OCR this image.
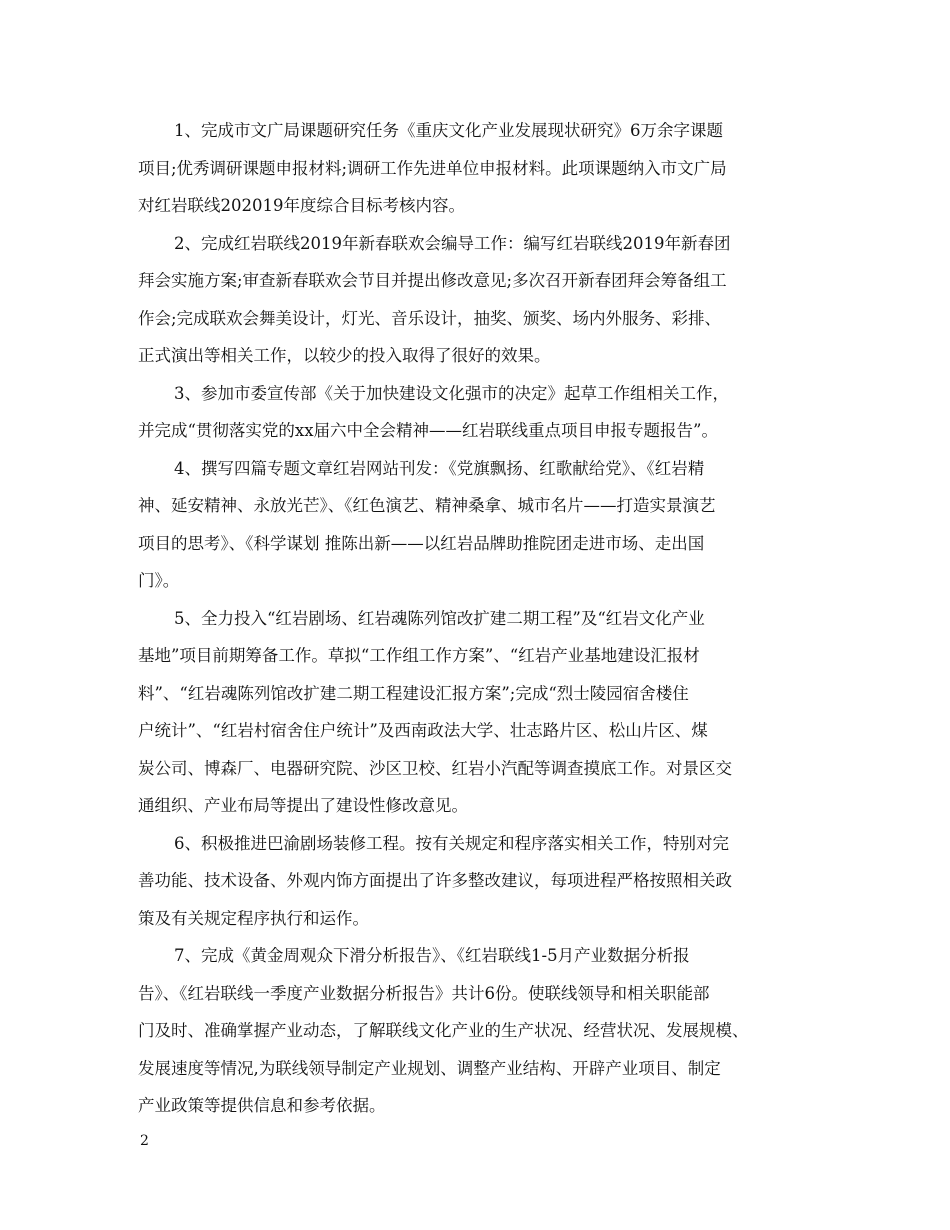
1、完成市文广局课题研究任务《重庆文化产业发展现状研究》6万余字课题
项目;优秀调研课题申报材料;调研工作先进单位申报材料。此项课题纳入市文广局
对红岩联线202019年度综合目标考核内容。

2、完成红岩联线2019年新春联欢会编导工作：编写红岩联线2019年新春团
拜会实施方案;审查新春联欢会节目并提出修改意见;多次召开新春团拜会筹备组工
作会;完成联欢会舞美设计，灯光、音乐设计，抽奖、颁奖、场内外服务、彩排、
正式演出等相关工作，以较少的投入取得了很好的效果。

3、参加市委宣传部《关于加快建设文化强市的决定》起草工作组相关工作，
并完成“贯彻落实党的xx届六中全会精神——红岩联线重点项目申报专题报告”。

4、撰写四篇专题文章红岩网站刊发：《党旗飘扬、红歌献给党》、《红岩精
神、延安精神、永放光芒》、《红色演艺、精神桑拿、城市名片——打造实景演艺
项目的思考》、《科学谋划 推陈出新——以红岩品牌助推院团走进市场、走出国
门》。

5、全力投入“红岩剧场、红岩魂陈列馆改扩建二期工程”及“红岩文化产业
基地”项目前期筹备工作。草拟“工作组工作方案”、“红岩产业基地建设汇报材
料”、“红岩魂陈列馆改扩建二期工程建设汇报方案”;完成“烈士陵园宿舍楼住
户统计”、“红岩村宿舍住户统计”及西南政法大学、壮志路片区、松山片区、煤
炭公司、博森厂、电器研究院、沙区卫校、红岩小汽配等调查摸底工作。对景区交
通组织、产业布局等提出了建设性修改意见。

6、积极推进巴渝剧场装修工程。按有关规定和程序落实相关工作，特别对完
善功能、技术设备、外观内饰方面提出了许多整改建议，每项进程严格按照相关政
策及有关规定程序执行和运作。

7、完成《黄金周观众下滑分析报告》、《红岩联线1-5月产业数据分析报
告》、《红岩联线一季度产业数据分析报告》共计6份。使联线领导和相关职能部
门及时、准确掌握产业动态，了解联线文化产业的生产状况、经营状况、发展规模、
发展速度等情况,为联线领导制定产业规划、调整产业结构、开辟产业项目、制定
产业政策等提供信息和参考依据。

2
